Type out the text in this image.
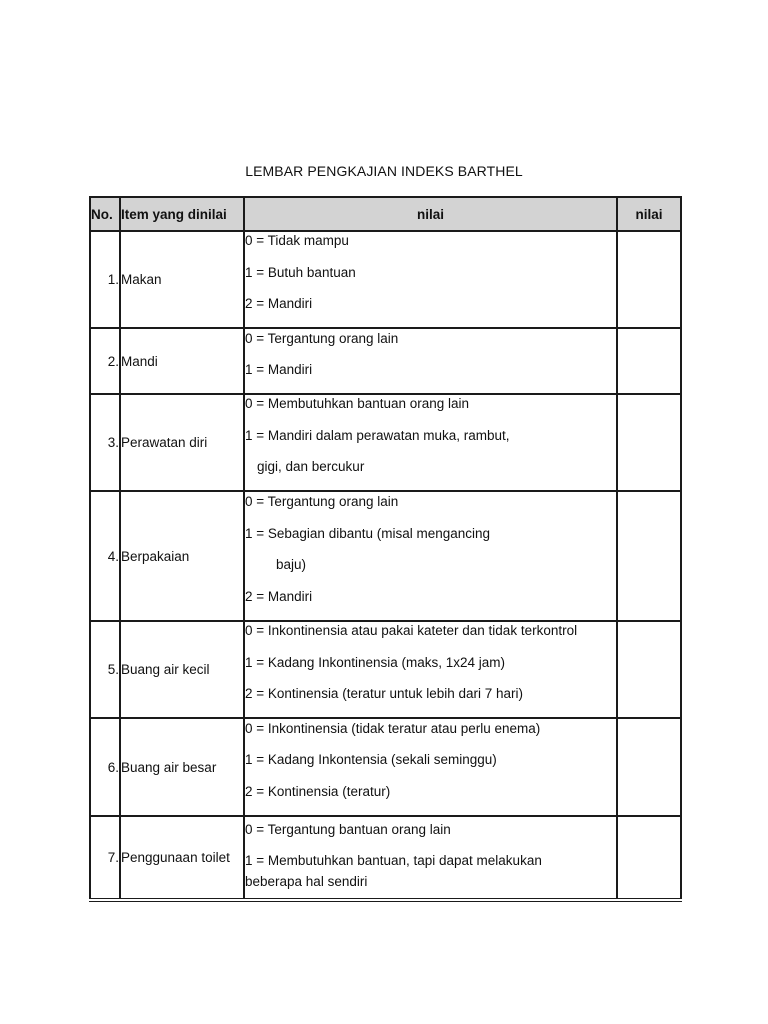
LEMBAR PENGKAJIAN INDEKS BARTHEL
No.	Item yang dinilai	nilai	nilai
1.	Makan	0 = Tidak mampu
1 = Butuh bantuan
2 = Mandiri	

2.	Mandi	0 = Tergantung orang lain
1 = Mandiri	

3.	Perawatan diri	0 = Membutuhkan bantuan orang lain
1 = Mandiri dalam perawatan muka, rambut,
gigi, dan bercukur	

4.	Berpakaian	0 = Tergantung orang lain
1 = Sebagian dibantu (misal mengancing
baju)
2 = Mandiri	

5.	Buang air kecil	0 = Inkontinensia atau pakai kateter dan tidak terkontrol
1 = Kadang Inkontinensia (maks, 1x24 jam)
2 = Kontinensia (teratur untuk lebih dari 7 hari)	

6.	Buang air besar	0 = Inkontinensia (tidak teratur atau perlu enema)
1 = Kadang Inkontensia (sekali seminggu)
2 = Kontinensia (teratur)	

7.	Penggunaan toilet	0 = Tergantung bantuan orang lain
1 = Membutuhkan bantuan, tapi dapat melakukan
beberapa hal sendiri	
